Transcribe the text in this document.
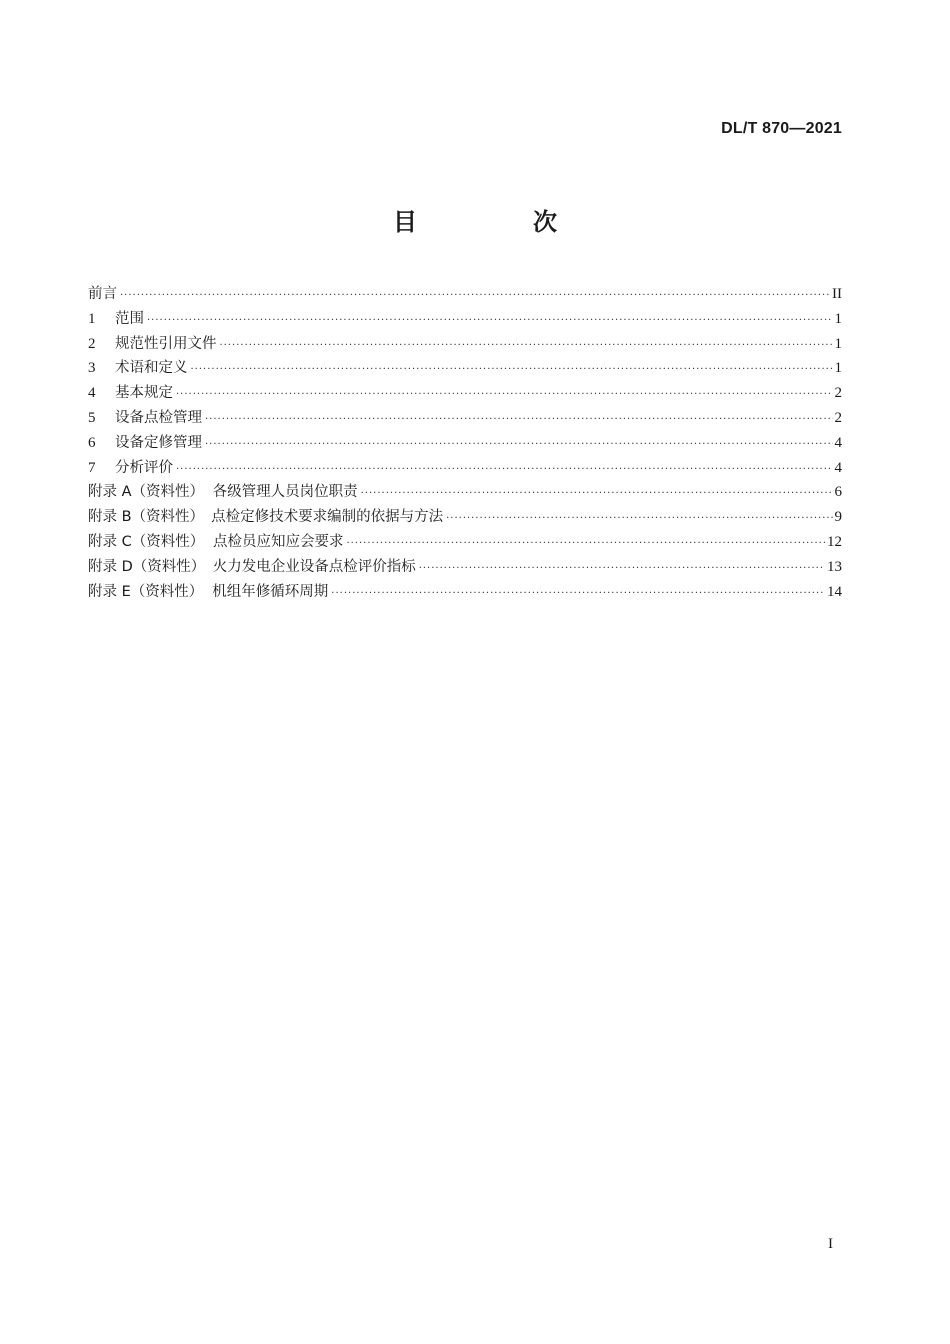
DL/T 870—2021
目　次
前言 ·····	II
1	范围 ·····	1
2	规范性引用文件 ·····	1
3	术语和定义 ·····	1
4	基本规定 ·····	2
5	设备点检管理 ·····	2
6	设备定修管理 ·····	4
7	分析评价 ·····	4
附录 A（资料性） 各级管理人员岗位职责 ·····	6
附录 B（资料性） 点检定修技术要求编制的依据与方法 ·····	9
附录 C（资料性） 点检员应知应会要求 ·····	12
附录 D（资料性） 火力发电企业设备点检评价指标 ·····	13
附录 E（资料性） 机组年修循环周期 ·····	14
I
